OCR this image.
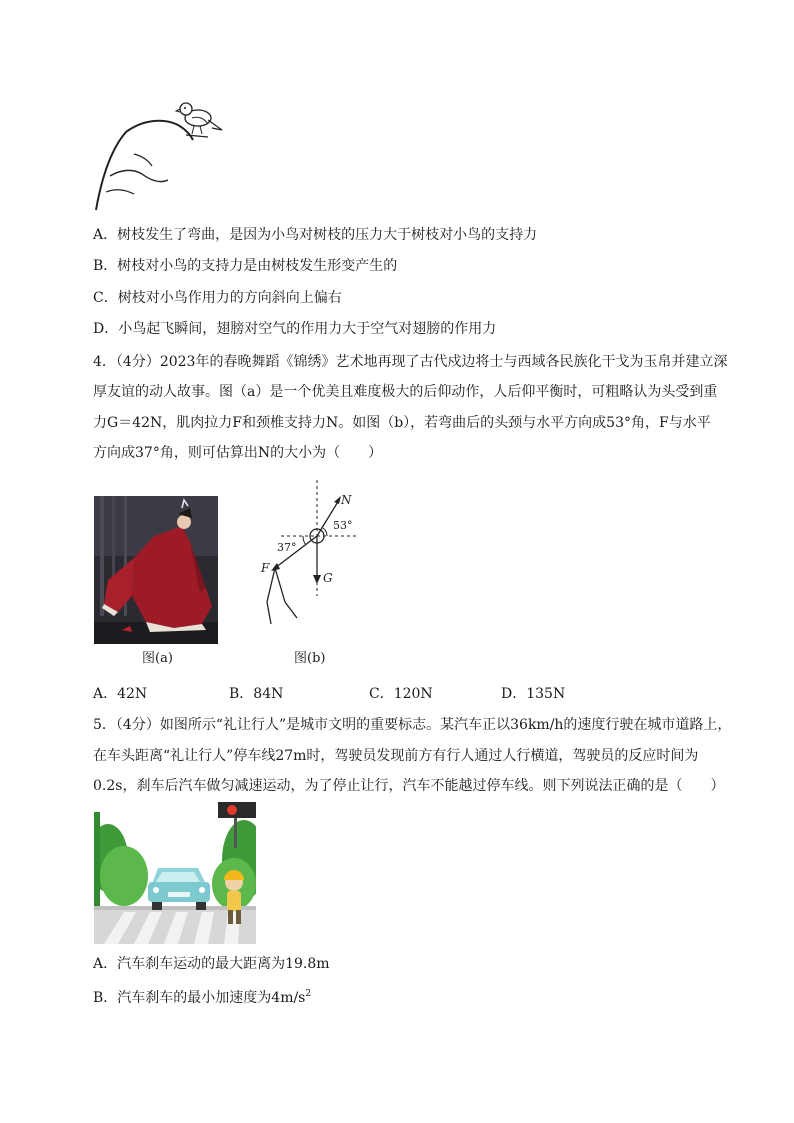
A．树枝发生了弯曲，是因为小鸟对树枝的压力大于树枝对小鸟的支持力
B．树枝对小鸟的支持力是由树枝发生形变产生的
C．树枝对小鸟作用力的方向斜向上偏右
D．小鸟起飞瞬间，翅膀对空气的作用力大于空气对翅膀的作用力
4．（4分）2023年的春晚舞蹈《锦绣》艺术地再现了古代戍边将士与西域各民族化干戈为玉帛并建立深
厚友谊的动人故事。图（a）是一个优美且难度极大的后仰动作，人后仰平衡时，可粗略认为头受到重
力G＝42N，肌肉拉力F和颈椎支持力N。如图（b），若弯曲后的头颈与水平方向成53°角，F与水平
方向成37°角，则可估算出N的大小为（　　）
图(a)
N
53°
37°
F
G
图(b)
A．42N	B．84N	C．120N	D．135N
5．（4分）如图所示“礼让行人”是城市文明的重要标志。某汽车正以36km/h的速度行驶在城市道路上，
在车头距离“礼让行人”停车线27m时，驾驶员发现前方有行人通过人行横道，驾驶员的反应时间为
0.2s，刹车后汽车做匀减速运动，为了停止让行，汽车不能越过停车线。则下列说法正确的是（　　）
A．汽车刹车运动的最大距离为19.8m
B．汽车刹车的最小加速度为$4m/s^2$
